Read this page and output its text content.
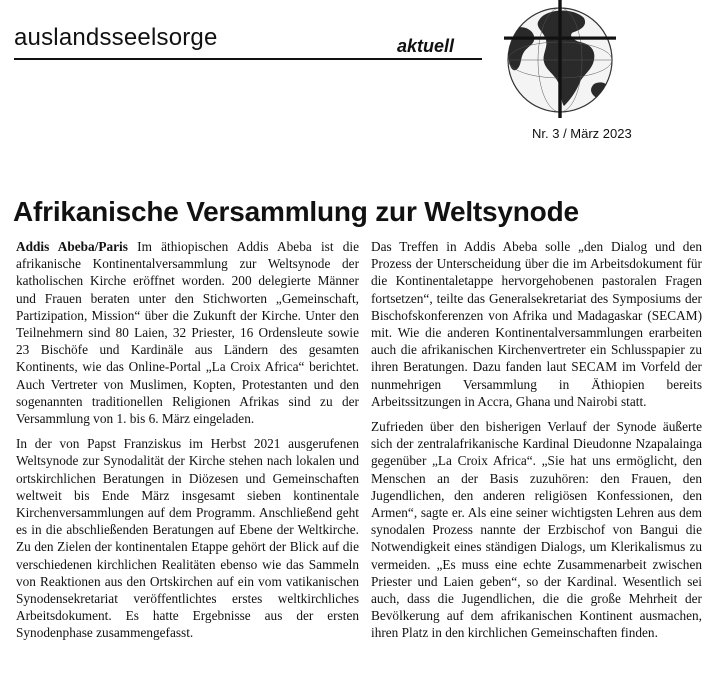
auslandsseelsorge	aktuell
Nr. 3 / März 2023
Afrikanische Versammlung zur Weltsynode

Addis Abeba/Paris Im äthiopischen Addis Abeba ist die afrikanische Kontinentalversammlung zur Weltsynode der katholischen Kirche eröffnet worden. 200 delegierte Männer und Frauen beraten unter den Stichworten „Gemeinschaft, Partizipation, Mission“ über die Zukunft der Kirche. Unter den Teilnehmern sind 80 Laien, 32 Priester, 16 Ordensleute sowie 23 Bischöfe und Kardinäle aus Ländern des gesamten Kontinents, wie das Online-Portal „La Croix Africa“ berichtet. Auch Vertreter von Muslimen, Kopten, Protestanten und den sogenannten traditionellen Religionen Afrikas sind zu der Versammlung von 1. bis 6. März eingeladen.

In der von Papst Franziskus im Herbst 2021 ausgerufenen Weltsynode zur Synodalität der Kirche stehen nach lokalen und ortskirchlichen Beratungen in Diözesen und Gemeinschaften weltweit bis Ende März insgesamt sieben kontinentale Kirchenversammlungen auf dem Programm. Anschließend geht es in die abschließenden Beratungen auf Ebene der Weltkirche. Zu den Zielen der kontinentalen Etappe gehört der Blick auf die verschiedenen kirchlichen Realitäten ebenso wie das Sammeln von Reaktionen aus den Ortskirchen auf ein vom vatikanischen Synodensekretariat veröffentlichtes erstes weltkirchliches Arbeitsdokument. Es hatte Ergebnisse aus der ersten Synodenphase zusammengefasst.

Das Treffen in Addis Abeba solle „den Dialog und den Prozess der Unterscheidung über die im Arbeitsdokument für die Kontinentaletappe hervorgehobenen pastoralen Fragen fortsetzen“, teilte das Generalsekretariat des Symposiums der Bischofskonferenzen von Afrika und Madagaskar (SECAM) mit. Wie die anderen Kontinentalversammlungen erarbeiten auch die afrikanischen Kirchenvertreter ein Schlusspapier zu ihren Beratungen. Dazu fanden laut SECAM im Vorfeld der nunmehrigen Versammlung in Äthiopien bereits Arbeitssitzungen in Accra, Ghana und Nairobi statt.

Zufrieden über den bisherigen Verlauf der Synode äußerte sich der zentralafrikanische Kardinal Dieudonne Nzapalainga gegenüber „La Croix Africa“. „Sie hat uns ermöglicht, den Menschen an der Basis zuzuhören: den Frauen, den Jugendlichen, den anderen religiösen Konfessionen, den Armen“, sagte er. Als eine seiner wichtigsten Lehren aus dem synodalen Prozess nannte der Erzbischof von Bangui die Notwendigkeit eines ständigen Dialogs, um Klerikalismus zu vermeiden. „Es muss eine echte Zusammenarbeit zwischen Priester und Laien geben“, so der Kardinal. Wesentlich sei auch, dass die Jugendlichen, die die große Mehrheit der Bevölkerung auf dem afrikanischen Kontinent ausmachen, ihren Platz in den kirchlichen Gemeinschaften finden.
